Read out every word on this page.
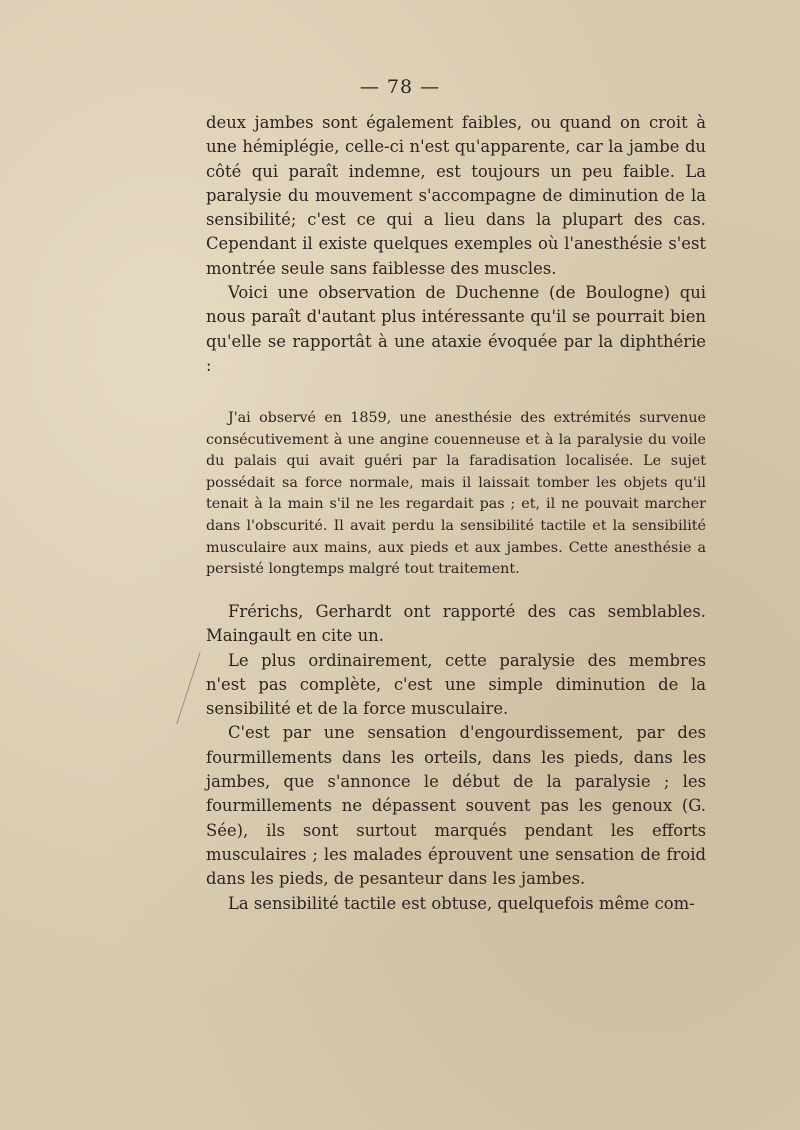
— 78 —

deux jambes sont également faibles, ou quand on croit à une hémiplégie, celle-ci n'est qu'apparente, car la jambe du côté qui paraît indemne, est toujours un peu faible. La paralysie du mouvement s'accompagne de diminution de la sensibilité; c'est ce qui a lieu dans la plupart des cas. Cependant il existe quelques exemples où l'anesthésie s'est montrée seule sans faiblesse des muscles.

Voici une observation de Duchenne (de Boulogne) qui nous paraît d'autant plus intéressante qu'il se pourrait bien qu'elle se rapportât à une ataxie évoquée par la diphthérie :

J'ai observé en 1859, une anesthésie des extrémités survenue consécutivement à une angine couenneuse et à la paralysie du voile du palais qui avait guéri par la faradisation localisée. Le sujet possédait sa force normale, mais il laissait tomber les objets qu'il tenait à la main s'il ne les regardait pas ; et, il ne pouvait marcher dans l'obscurité. Il avait perdu la sensibilité tactile et la sensibilité musculaire aux mains, aux pieds et aux jambes. Cette anesthésie a persisté longtemps malgré tout traitement.

Frérichs, Gerhardt ont rapporté des cas semblables. Maingault en cite un.

Le plus ordinairement, cette paralysie des membres n'est pas complète, c'est une simple diminution de la sensibilité et de la force musculaire.

C'est par une sensation d'engourdissement, par des fourmillements dans les orteils, dans les pieds, dans les jambes, que s'annonce le début de la paralysie ; les fourmillements ne dépassent souvent pas les genoux (G. Sée), ils sont surtout marqués pendant les efforts musculaires ; les malades éprouvent une sensation de froid dans les pieds, de pesanteur dans les jambes.

La sensibilité tactile est obtuse, quelquefois même com-
